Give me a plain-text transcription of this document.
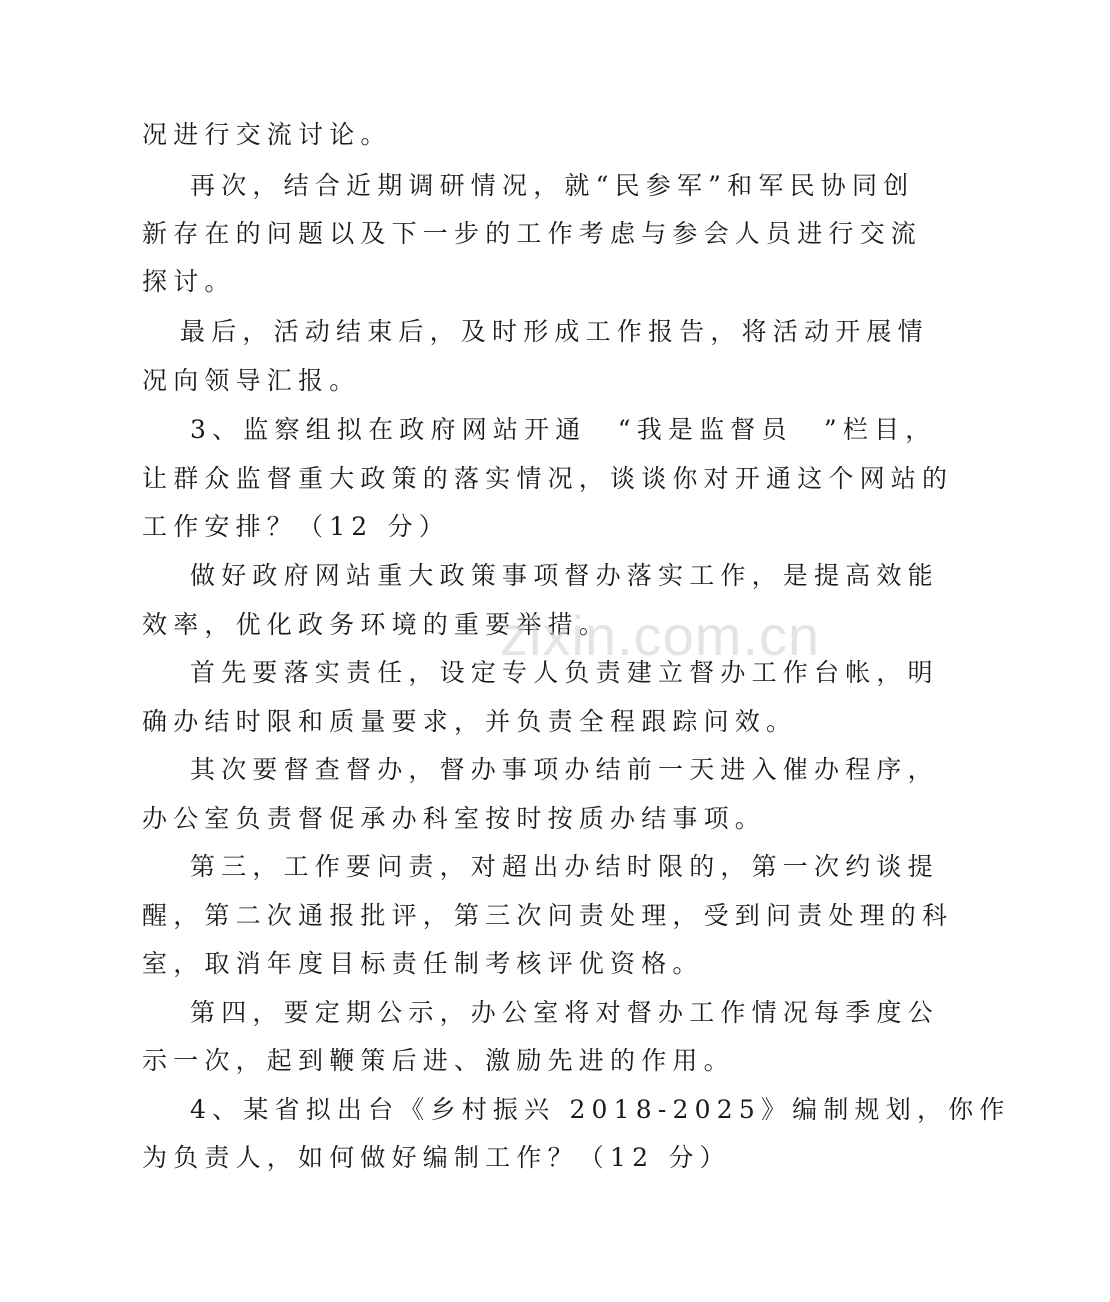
况进行交流讨论。
再次，结合近期调研情况，就“民参军”和军民协同创
新存在的问题以及下一步的工作考虑与参会人员进行交流
探讨。
最后，活动结束后，及时形成工作报告，将活动开展情
况向领导汇报。
3、监察组拟在政府网站开通　“我是监督员　”栏目，
让群众监督重大政策的落实情况，谈谈你对开通这个网站的
工作安排？（12 分）
做好政府网站重大政策事项督办落实工作，是提高效能
效率，优化政务环境的重要举措。
首先要落实责任，设定专人负责建立督办工作台帐，明
确办结时限和质量要求，并负责全程跟踪问效。
其次要督查督办，督办事项办结前一天进入催办程序，
办公室负责督促承办科室按时按质办结事项。
第三，工作要问责，对超出办结时限的，第一次约谈提
醒，第二次通报批评，第三次问责处理，受到问责处理的科
室，取消年度目标责任制考核评优资格。
第四，要定期公示，办公室将对督办工作情况每季度公
示一次，起到鞭策后进、激励先进的作用。
4、某省拟出台《乡村振兴 2018-2025》编制规划，你作
为负责人，如何做好编制工作？（12 分）
zixin.com.cn
